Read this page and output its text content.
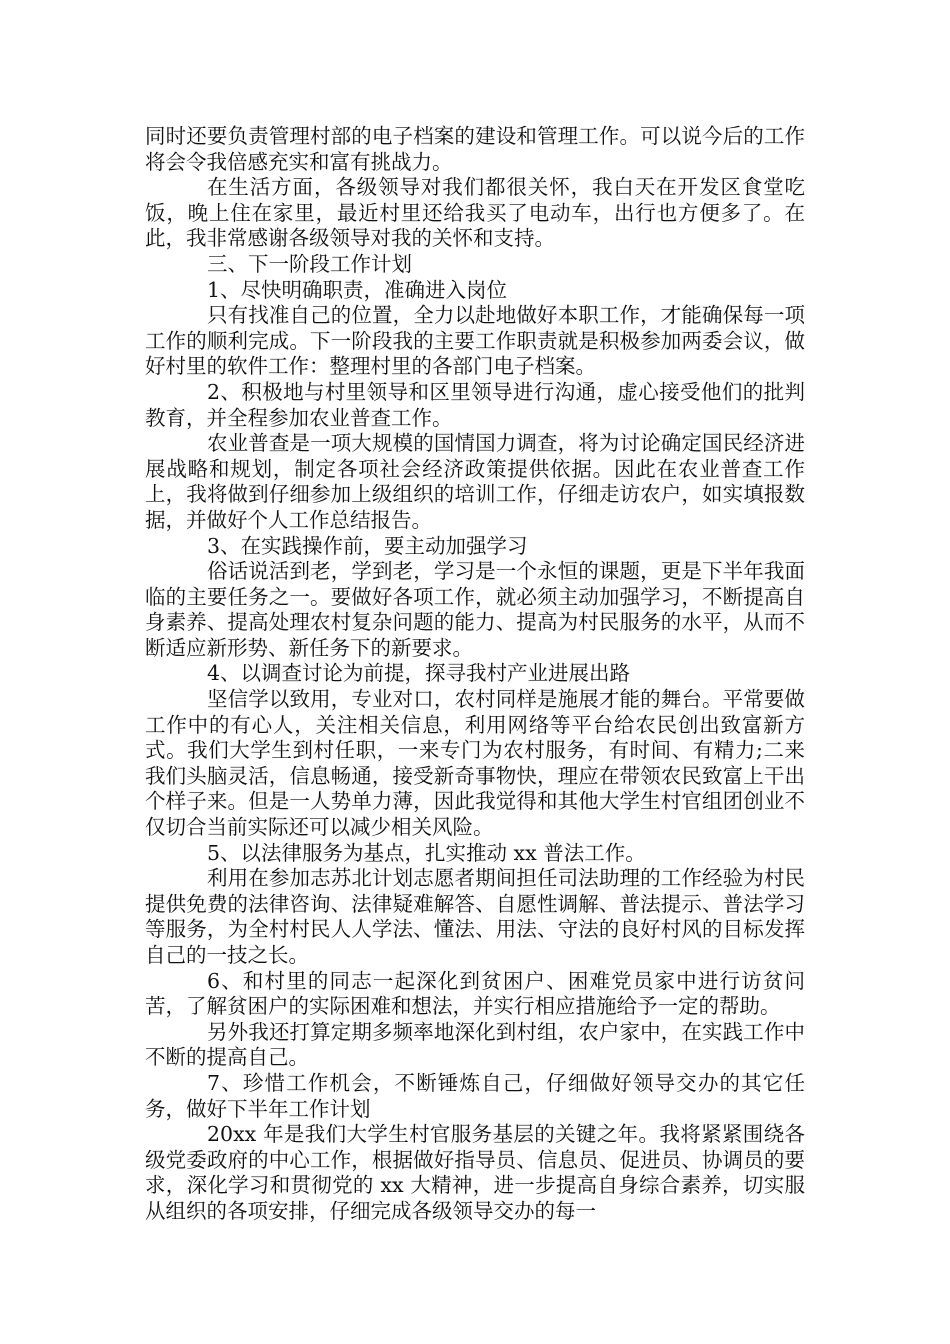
同时还要负责管理村部的电子档案的建设和管理工作。可以说今后的工作将会令我倍感充实和富有挑战力。

在生活方面，各级领导对我们都很关怀，我白天在开发区食堂吃饭，晚上住在家里，最近村里还给我买了电动车，出行也方便多了。在此，我非常感谢各级领导对我的关怀和支持。

三、下一阶段工作计划

1、尽快明确职责，准确进入岗位

只有找准自己的位置，全力以赴地做好本职工作，才能确保每一项工作的顺利完成。下一阶段我的主要工作职责就是积极参加两委会议，做好村里的软件工作：整理村里的各部门电子档案。

2、积极地与村里领导和区里领导进行沟通，虚心接受他们的批判教育，并全程参加农业普查工作。

农业普查是一项大规模的国情国力调查，将为讨论确定国民经济进展战略和规划，制定各项社会经济政策提供依据。因此在农业普查工作上，我将做到仔细参加上级组织的培训工作，仔细走访农户，如实填报数据，并做好个人工作总结报告。

3、在实践操作前，要主动加强学习

俗话说活到老，学到老，学习是一个永恒的课题，更是下半年我面临的主要任务之一。要做好各项工作，就必须主动加强学习，不断提高自身素养、提高处理农村复杂问题的能力、提高为村民服务的水平，从而不断适应新形势、新任务下的新要求。

4、以调查讨论为前提，探寻我村产业进展出路

坚信学以致用，专业对口，农村同样是施展才能的舞台。平常要做工作中的有心人，关注相关信息，利用网络等平台给农民创出致富新方式。我们大学生到村任职，一来专门为农村服务，有时间、有精力;二来我们头脑灵活，信息畅通，接受新奇事物快，理应在带领农民致富上干出个样子来。但是一人势单力薄，因此我觉得和其他大学生村官组团创业不仅切合当前实际还可以减少相关风险。

5、以法律服务为基点，扎实推动 xx 普法工作。

利用在参加志苏北计划志愿者期间担任司法助理的工作经验为村民提供免费的法律咨询、法律疑难解答、自愿性调解、普法提示、普法学习等服务，为全村村民人人学法、懂法、用法、守法的良好村风的目标发挥自己的一技之长。

6、和村里的同志一起深化到贫困户、困难党员家中进行访贫问苦，了解贫困户的实际困难和想法，并实行相应措施给予一定的帮助。

另外我还打算定期多频率地深化到村组，农户家中，在实践工作中不断的提高自己。

7、珍惜工作机会，不断锤炼自己，仔细做好领导交办的其它任务，做好下半年工作计划

20xx 年是我们大学生村官服务基层的关键之年。我将紧紧围绕各级党委政府的中心工作，根据做好指导员、信息员、促进员、协调员的要求，深化学习和贯彻党的 xx 大精神，进一步提高自身综合素养，切实服从组织的各项安排，仔细完成各级领导交办的每一
